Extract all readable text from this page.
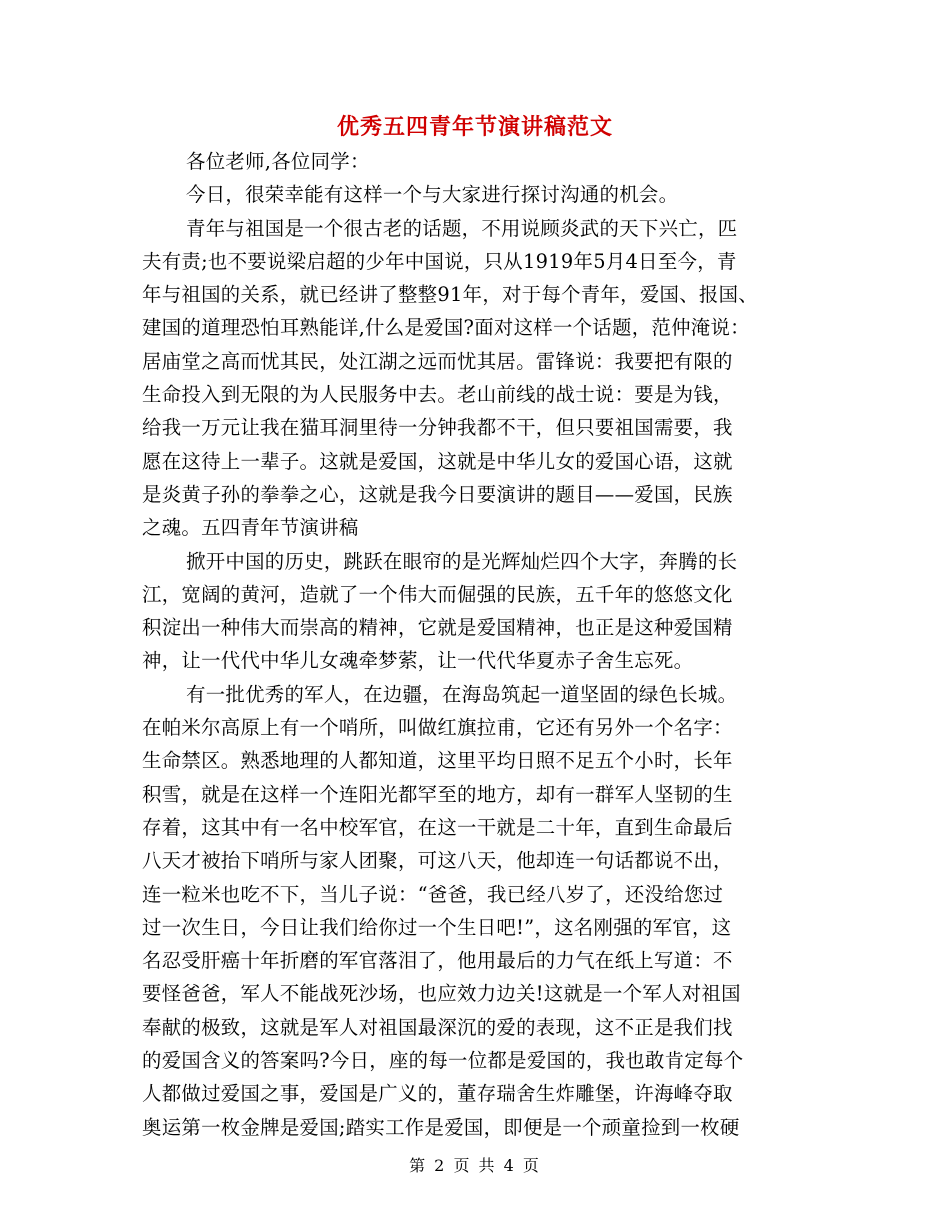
优秀五四青年节演讲稿范文
各位老师,各位同学：
今日，很荣幸能有这样一个与大家进行探讨沟通的机会。
青年与祖国是一个很古老的话题，不用说顾炎武的天下兴亡，匹
夫有责;也不要说梁启超的少年中国说，只从1919年5月4日至今，青
年与祖国的关系，就已经讲了整整91年，对于每个青年，爱国、报国、
建国的道理恐怕耳熟能详,什么是爱国?面对这样一个话题，范仲淹说：
居庙堂之高而忧其民，处江湖之远而忧其居。雷锋说：我要把有限的
生命投入到无限的为人民服务中去。老山前线的战士说：要是为钱，
给我一万元让我在猫耳洞里待一分钟我都不干，但只要祖国需要，我
愿在这待上一辈子。这就是爱国，这就是中华儿女的爱国心语，这就
是炎黄子孙的拳拳之心，这就是我今日要演讲的题目——爱国，民族
之魂。五四青年节演讲稿
掀开中国的历史，跳跃在眼帘的是光辉灿烂四个大字，奔腾的长
江，宽阔的黄河，造就了一个伟大而倔强的民族，五千年的悠悠文化
积淀出一种伟大而崇高的精神，它就是爱国精神，也正是这种爱国精
神，让一代代中华儿女魂牵梦萦，让一代代华夏赤子舍生忘死。
有一批优秀的军人，在边疆，在海岛筑起一道坚固的绿色长城。
在帕米尔高原上有一个哨所，叫做红旗拉甫，它还有另外一个名字：
生命禁区。熟悉地理的人都知道，这里平均日照不足五个小时，长年
积雪，就是在这样一个连阳光都罕至的地方，却有一群军人坚韧的生
存着，这其中有一名中校军官，在这一干就是二十年，直到生命最后
八天才被抬下哨所与家人团聚，可这八天，他却连一句话都说不出，
连一粒米也吃不下，当儿子说：“爸爸，我已经八岁了，还没给您过
过一次生日，今日让我们给你过一个生日吧!”，这名刚强的军官，这
名忍受肝癌十年折磨的军官落泪了，他用最后的力气在纸上写道：不
要怪爸爸，军人不能战死沙场，也应效力边关!这就是一个军人对祖国
奉献的极致，这就是军人对祖国最深沉的爱的表现，这不正是我们找
的爱国含义的答案吗?今日，座的每一位都是爱国的，我也敢肯定每个
人都做过爱国之事，爱国是广义的，董存瑞舍生炸雕堡，许海峰夺取
奥运第一枚金牌是爱国;踏实工作是爱国，即便是一个顽童捡到一枚硬
第 2 页 共 4 页
